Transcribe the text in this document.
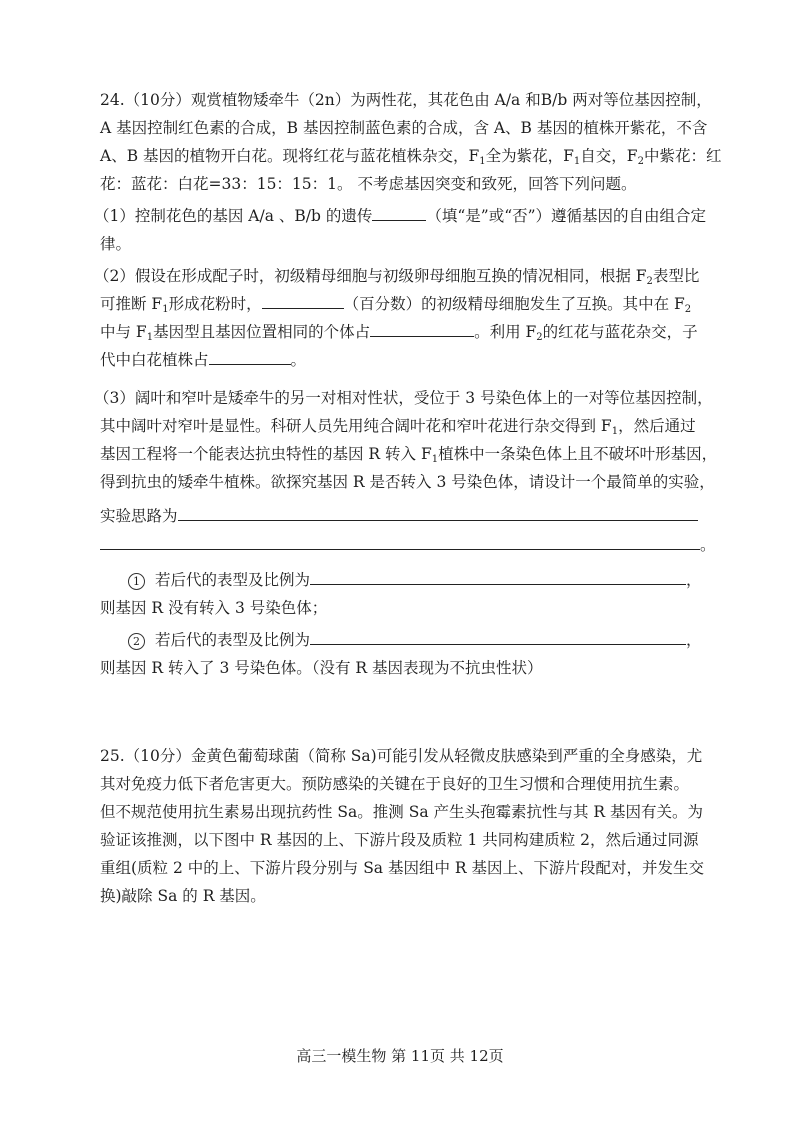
24.（10分）观赏植物矮牵牛（2n）为两性花，其花色由 A/a 和B/b 两对等位基因控制，
A 基因控制红色素的合成，B 基因控制蓝色素的合成，含 A、B 基因的植株开紫花，不含
A、B 基因的植物开白花。现将红花与蓝花植株杂交，$F_1$全为紫花，$F_1$自交，$F_2$中紫花：红
花：蓝花：白花=33：15：15：1。 不考虑基因突变和致死，回答下列问题。
（1）控制花色的基因 A/a 、B/b 的遗传	（填“是”或“否”）遵循基因的自由组合定
律。
（2）假设在形成配子时，初级精母细胞与初级卵母细胞互换的情况相同，根据 $F_2$表型比
可推断 $F_1$形成花粉时，	（百分数）的初级精母细胞发生了互换。其中在 $F_2$
中与 $F_1$基因型且基因位置相同的个体占	。利用 $F_2$的红花与蓝花杂交，子
代中白花植株占	。
（3）阔叶和窄叶是矮牵牛的另一对相对性状，受位于 3 号染色体上的一对等位基因控制，
其中阔叶对窄叶是显性。科研人员先用纯合阔叶花和窄叶花进行杂交得到 $F_1$，然后通过
基因工程将一个能表达抗虫特性的基因 R 转入 $F_1$植株中一条染色体上且不破坏叶形基因，
得到抗虫的矮牵牛植株。欲探究基因 R 是否转入 3 号染色体，请设计一个最简单的实验，
实验思路为
。
1 若后代的表型及比例为	，
则基因 R 没有转入 3 号染色体；
2 若后代的表型及比例为	，
则基因 R 转入了 3 号染色体。（没有 R 基因表现为不抗虫性状）
25.（10分）金黄色葡萄球菌（简称 Sa)可能引发从轻微皮肤感染到严重的全身感染，尤
其对免疫力低下者危害更大。预防感染的关键在于良好的卫生习惯和合理使用抗生素。
但不规范使用抗生素易出现抗药性 Sa。推测 Sa 产生头孢霉素抗性与其 R 基因有关。为
验证该推测，以下图中 R 基因的上、下游片段及质粒 1 共同构建质粒 2，然后通过同源
重组(质粒 2 中的上、下游片段分别与 Sa 基因组中 R 基因上、下游片段配对，并发生交
换)敲除 Sa 的 R 基因。
高三一模生物 第 11页 共 12页
